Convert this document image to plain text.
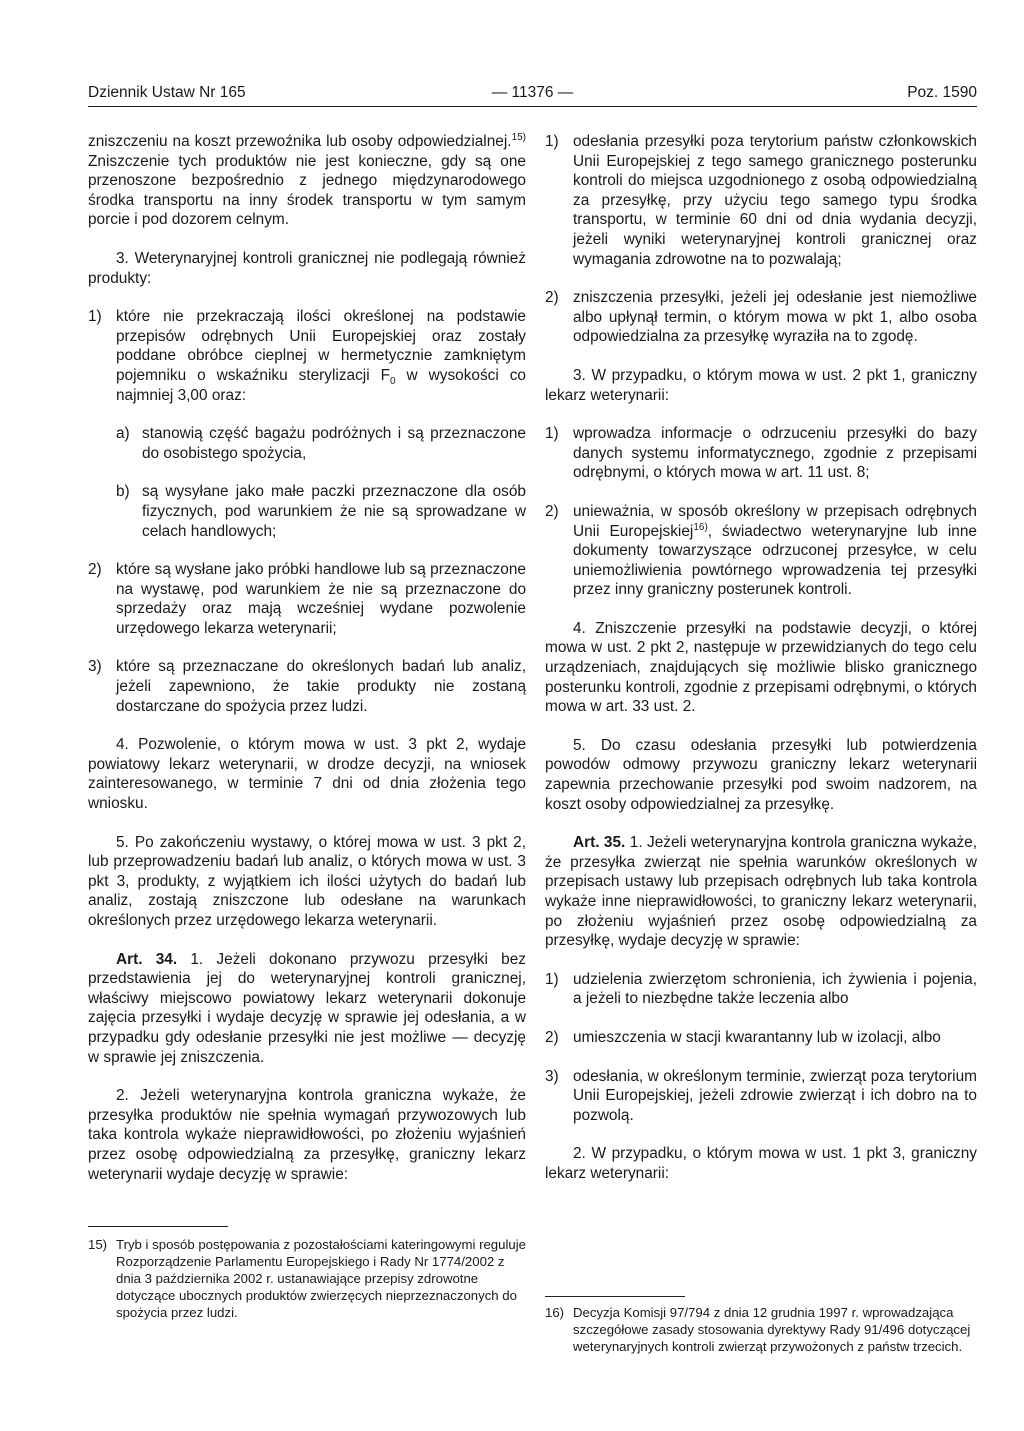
Dziennik Ustaw Nr 165	— 11376 —	Poz. 1590

zniszczeniu na koszt przewoźnika lub osoby odpowiedzialnej.$^{15)}$ Zniszczenie tych produktów nie jest konieczne, gdy są one przenoszone bezpośrednio z jednego międzynarodowego środka transportu na inny środek transportu w tym samym porcie i pod dozorem celnym.

3. Weterynaryjnej kontroli granicznej nie podlegają również produkty:

1) które nie przekraczają ilości określonej na podstawie przepisów odrębnych Unii Europejskiej oraz zostały poddane obróbce cieplnej w hermetycznie zamkniętym pojemniku o wskaźniku sterylizacji $F_0$ w wysokości co najmniej 3,00 oraz:
a) stanowią część bagażu podróżnych i są przeznaczone do osobistego spożycia,
b) są wysyłane jako małe paczki przeznaczone dla osób fizycznych, pod warunkiem że nie są sprowadzane w celach handlowych;
2) które są wysłane jako próbki handlowe lub są przeznaczone na wystawę, pod warunkiem że nie są przeznaczone do sprzedaży oraz mają wcześniej wydane pozwolenie urzędowego lekarza weterynarii;
3) które są przeznaczane do określonych badań lub analiz, jeżeli zapewniono, że takie produkty nie zostaną dostarczane do spożycia przez ludzi.

4. Pozwolenie, o którym mowa w ust. 3 pkt 2, wydaje powiatowy lekarz weterynarii, w drodze decyzji, na wniosek zainteresowanego, w terminie 7 dni od dnia złożenia tego wniosku.

5. Po zakończeniu wystawy, o której mowa w ust. 3 pkt 2, lub przeprowadzeniu badań lub analiz, o których mowa w ust. 3 pkt 3, produkty, z wyjątkiem ich ilości użytych do badań lub analiz, zostają zniszczone lub odesłane na warunkach określonych przez urzędowego lekarza weterynarii.

Art. 34. 1. Jeżeli dokonano przywozu przesyłki bez przedstawienia jej do weterynaryjnej kontroli granicznej, właściwy miejscowo powiatowy lekarz weterynarii dokonuje zajęcia przesyłki i wydaje decyzję w sprawie jej odesłania, a w przypadku gdy odesłanie przesyłki nie jest możliwe — decyzję w sprawie jej zniszczenia.

2. Jeżeli weterynaryjna kontrola graniczna wykaże, że przesyłka produktów nie spełnia wymagań przywozowych lub taka kontrola wykaże nieprawidłowości, po złożeniu wyjaśnień przez osobę odpowiedzialną za przesyłkę, graniczny lekarz weterynarii wydaje decyzję w sprawie:

1) odesłania przesyłki poza terytorium państw członkowskich Unii Europejskiej z tego samego granicznego posterunku kontroli do miejsca uzgodnionego z osobą odpowiedzialną za przesyłkę, przy użyciu tego samego typu środka transportu, w terminie 60 dni od dnia wydania decyzji, jeżeli wyniki weterynaryjnej kontroli granicznej oraz wymagania zdrowotne na to pozwalają;
2) zniszczenia przesyłki, jeżeli jej odesłanie jest niemożliwe albo upłynął termin, o którym mowa w pkt 1, albo osoba odpowiedzialna za przesyłkę wyraziła na to zgodę.

3. W przypadku, o którym mowa w ust. 2 pkt 1, graniczny lekarz weterynarii:

1) wprowadza informacje o odrzuceniu przesyłki do bazy danych systemu informatycznego, zgodnie z przepisami odrębnymi, o których mowa w art. 11 ust. 8;
2) unieważnia, w sposób określony w przepisach odrębnych Unii Europejskiej$^{16)}$, świadectwo weterynaryjne lub inne dokumenty towarzyszące odrzuconej przesyłce, w celu uniemożliwienia powtórnego wprowadzenia tej przesyłki przez inny graniczny posterunek kontroli.

4. Zniszczenie przesyłki na podstawie decyzji, o której mowa w ust. 2 pkt 2, następuje w przewidzianych do tego celu urządzeniach, znajdujących się możliwie blisko granicznego posterunku kontroli, zgodnie z przepisami odrębnymi, o których mowa w art. 33 ust. 2.

5. Do czasu odesłania przesyłki lub potwierdzenia powodów odmowy przywozu graniczny lekarz weterynarii zapewnia przechowanie przesyłki pod swoim nadzorem, na koszt osoby odpowiedzialnej za przesyłkę.

Art. 35. 1. Jeżeli weterynaryjna kontrola graniczna wykaże, że przesyłka zwierząt nie spełnia warunków określonych w przepisach ustawy lub przepisach odrębnych lub taka kontrola wykaże inne nieprawidłowości, to graniczny lekarz weterynarii, po złożeniu wyjaśnień przez osobę odpowiedzialną za przesyłkę, wydaje decyzję w sprawie:

1) udzielenia zwierzętom schronienia, ich żywienia i pojenia, a jeżeli to niezbędne także leczenia albo
2) umieszczenia w stacji kwarantanny lub w izolacji, albo
3) odesłania, w określonym terminie, zwierząt poza terytorium Unii Europejskiej, jeżeli zdrowie zwierząt i ich dobro na to pozwolą.

2. W przypadku, o którym mowa w ust. 1 pkt 3, graniczny lekarz weterynarii:

15) Tryb i sposób postępowania z pozostałościami kateringowymi reguluje Rozporządzenie Parlamentu Europejskiego i Rady Nr 1774/2002 z dnia 3 października 2002 r. ustanawiające przepisy zdrowotne dotyczące ubocznych produktów zwierzęcych nieprzeznaczonych do spożycia przez ludzi.	16) Decyzja Komisji 97/794 z dnia 12 grudnia 1997 r. wprowadzająca szczegółowe zasady stosowania dyrektywy Rady 91/496 dotyczącej weterynaryjnych kontroli zwierząt przywożonych z państw trzecich.
